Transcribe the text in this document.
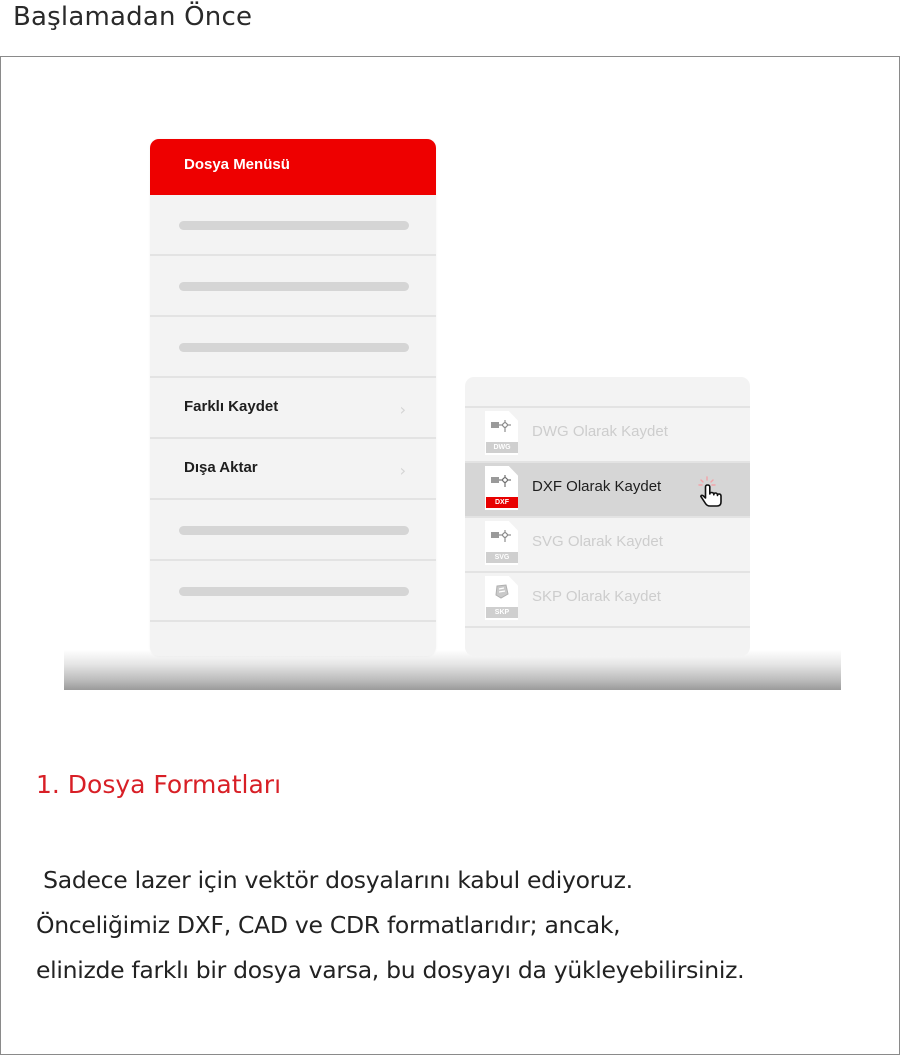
Başlamadan Önce
Dosya Menüsü
Farklı Kaydet	›
Dışa Aktar	›
DWG
DWG Olarak Kaydet
DXF
DXF Olarak Kaydet
SVG
SVG Olarak Kaydet
SKP
SKP Olarak Kaydet
1. Dosya Formatları
Sadece lazer için vektör dosyalarını kabul ediyoruz.
Önceliğimiz DXF, CAD ve CDR formatlarıdır; ancak,
elinizde farklı bir dosya varsa, bu dosyayı da yükleyebilirsiniz.
